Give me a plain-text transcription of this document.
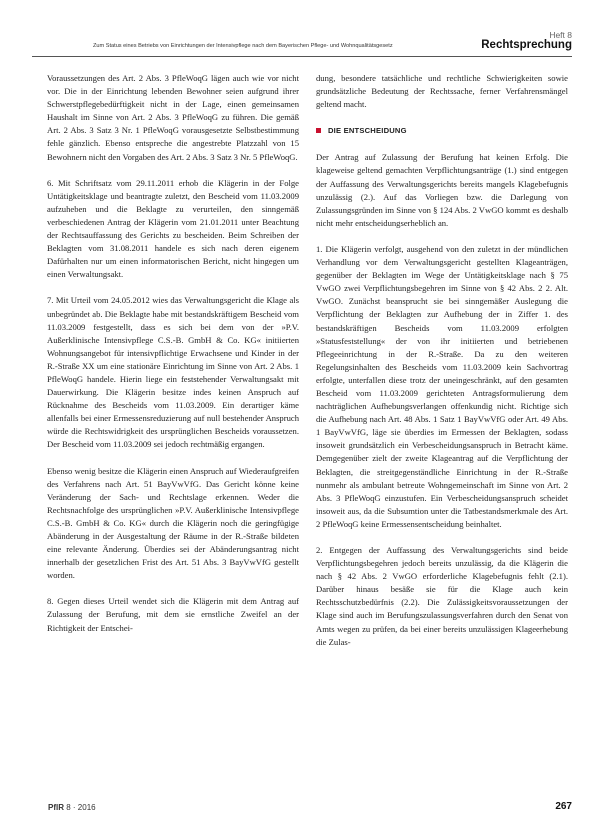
Heft 8
Zum Status eines Betriebs von Einrichtungen der Intensivpflege nach dem Bayerischen Pflege- und Wohnqualitätsgesetz	Rechtsprechung

Voraussetzungen des Art. 2 Abs. 3 PfleWoqG lägen auch wie vor nicht vor. Die in der Einrichtung lebenden Bewohner seien aufgrund ihrer Schwerstpflegebedürftigkeit nicht in der Lage, einen gemeinsamen Haushalt im Sinne von Art. 2 Abs. 3 PfleWoqG zu führen. Die gemäß Art. 2 Abs. 3 Satz 3 Nr. 1 PfleWoqG vorausgesetzte Selbstbestimmung fehle gänzlich. Ebenso entspreche die angestrebte Platzzahl von 15 Bewohnern nicht den Vorgaben des Art. 2 Abs. 3 Satz 3 Nr. 5 PfleWoqG.

6. Mit Schriftsatz vom 29.11.2011 erhob die Klägerin in der Folge Untätigkeitsklage und beantragte zuletzt, den Bescheid vom 11.03.2009 aufzuheben und die Beklagte zu verurteilen, den sinngemäß verbeschiedenen Antrag der Klägerin vom 21.01.2011 unter Beachtung der Rechtsauffassung des Gerichts zu bescheiden. Beim Schreiben der Beklagten vom 31.08.2011 handele es sich nach deren eigenem Dafürhalten nur um einen informatorischen Bericht, nicht hingegen um einen Verwaltungsakt.

7. Mit Urteil vom 24.05.2012 wies das Verwaltungsgericht die Klage als unbegründet ab. Die Beklagte habe mit bestandskräftigem Bescheid vom 11.03.2009 festgestellt, dass es sich bei dem von der »P.V. Außerklinische Intensivpflege C.S.-B. GmbH & Co. KG« initiierten Wohnungsangebot für intensivpflichtige Erwachsene und Kinder in der R.-Straße XX um eine stationäre Einrichtung im Sinne von Art. 2 Abs. 1 PfleWoqG handele. Hierin liege ein feststehender Verwaltungsakt mit Dauerwirkung. Die Klägerin besitze indes keinen Anspruch auf Rücknahme des Bescheids vom 11.03.2009. Ein derartiger käme allenfalls bei einer Ermessensreduzierung auf null bestehender Anspruch würde die Rechtswidrigkeit des ursprünglichen Bescheids voraussetzen. Der Bescheid vom 11.03.2009 sei jedoch rechtmäßig ergangen.

Ebenso wenig besitze die Klägerin einen Anspruch auf Wiederaufgreifen des Verfahrens nach Art. 51 BayVwVfG. Das Gericht könne keine Veränderung der Sach- und Rechtslage erkennen. Weder die Rechtsnachfolge des ursprünglichen »P.V. Außerklinische Intensivpflege C.S.-B. GmbH & Co. KG« durch die Klägerin noch die geringfügige Abänderung in der Ausgestaltung der Räume in der R.-Straße bildeten eine relevante Änderung. Überdies sei der Abänderungsantrag nicht innerhalb der gesetzlichen Frist des Art. 51 Abs. 3 BayVwVfG gestellt worden.

8. Gegen dieses Urteil wendet sich die Klägerin mit dem Antrag auf Zulassung der Berufung, mit dem sie ernstliche Zweifel an der Richtigkeit der Entschei-

dung, besondere tatsächliche und rechtliche Schwierigkeiten sowie grundsätzliche Bedeutung der Rechtssache, ferner Verfahrensmängel geltend macht.

DIE ENTSCHEIDUNG

Der Antrag auf Zulassung der Berufung hat keinen Erfolg. Die klageweise geltend gemachten Verpflichtungsanträge (1.) sind entgegen der Auffassung des Verwaltungsgerichts bereits mangels Klagebefugnis unzulässig (2.). Auf das Vorliegen bzw. die Darlegung von Zulassungsgründen im Sinne von § 124 Abs. 2 VwGO kommt es deshalb nicht mehr entscheidungserheblich an.

1. Die Klägerin verfolgt, ausgehend von den zuletzt in der mündlichen Verhandlung vor dem Verwaltungsgericht gestellten Klageanträgen, gegenüber der Beklagten im Wege der Untätigkeitsklage nach § 75 VwGO zwei Verpflichtungsbegehren im Sinne von § 42 Abs. 2 2. Alt. VwGO. Zunächst beansprucht sie bei sinngemäßer Auslegung die Verpflichtung der Beklagten zur Aufhebung der in Ziffer 1. des bestandskräftigen Bescheids vom 11.03.2009 erfolgten »Statusfeststellung« der von ihr initiierten und betriebenen Pflegeeinrichtung in der R.-Straße. Da zu den weiteren Regelungsinhalten des Bescheids vom 11.03.2009 kein Sachvortrag erfolgte, unterfallen diese trotz der uneingeschränkt, auf den gesamten Bescheid vom 11.03.2009 gerichteten Antragsformulierung dem nachträglichen Aufhebungsverlangen offenkundig nicht. Richtige sich die Aufhebung nach Art. 48 Abs. 1 Satz 1 BayVwVfG oder Art. 49 Abs. 1 BayVwVfG, läge sie überdies im Ermessen der Beklagten, sodass insoweit grundsätzlich ein Verbescheidungsanspruch in Betracht käme. Demgegenüber zielt der zweite Klageantrag auf die Verpflichtung der Beklagten, die streitgegenständliche Einrichtung in der R.-Straße nunmehr als ambulant betreute Wohngemeinschaft im Sinne von Art. 2 Abs. 3 PfleWoqG einzustufen. Ein Verbescheidungsanspruch scheidet insoweit aus, da die Subsumtion unter die Tatbestandsmerkmale des Art. 2 PfleWoqG keine Ermessensentscheidung beinhaltet.

2. Entgegen der Auffassung des Verwaltungsgerichts sind beide Verpflichtungsbegehren jedoch bereits unzulässig, da die Klägerin die nach § 42 Abs. 2 VwGO erforderliche Klagebefugnis fehlt (2.1). Darüber hinaus besäße sie für die Klage auch kein Rechtsschutzbedürfnis (2.2). Die Zulässigkeitsvoraussetzungen der Klage sind auch im Berufungszulassungsverfahren durch den Senat von Amts wegen zu prüfen, da bei einer bereits unzulässigen Klageerhebung die Zulas-

PflR 8 · 2016	267
